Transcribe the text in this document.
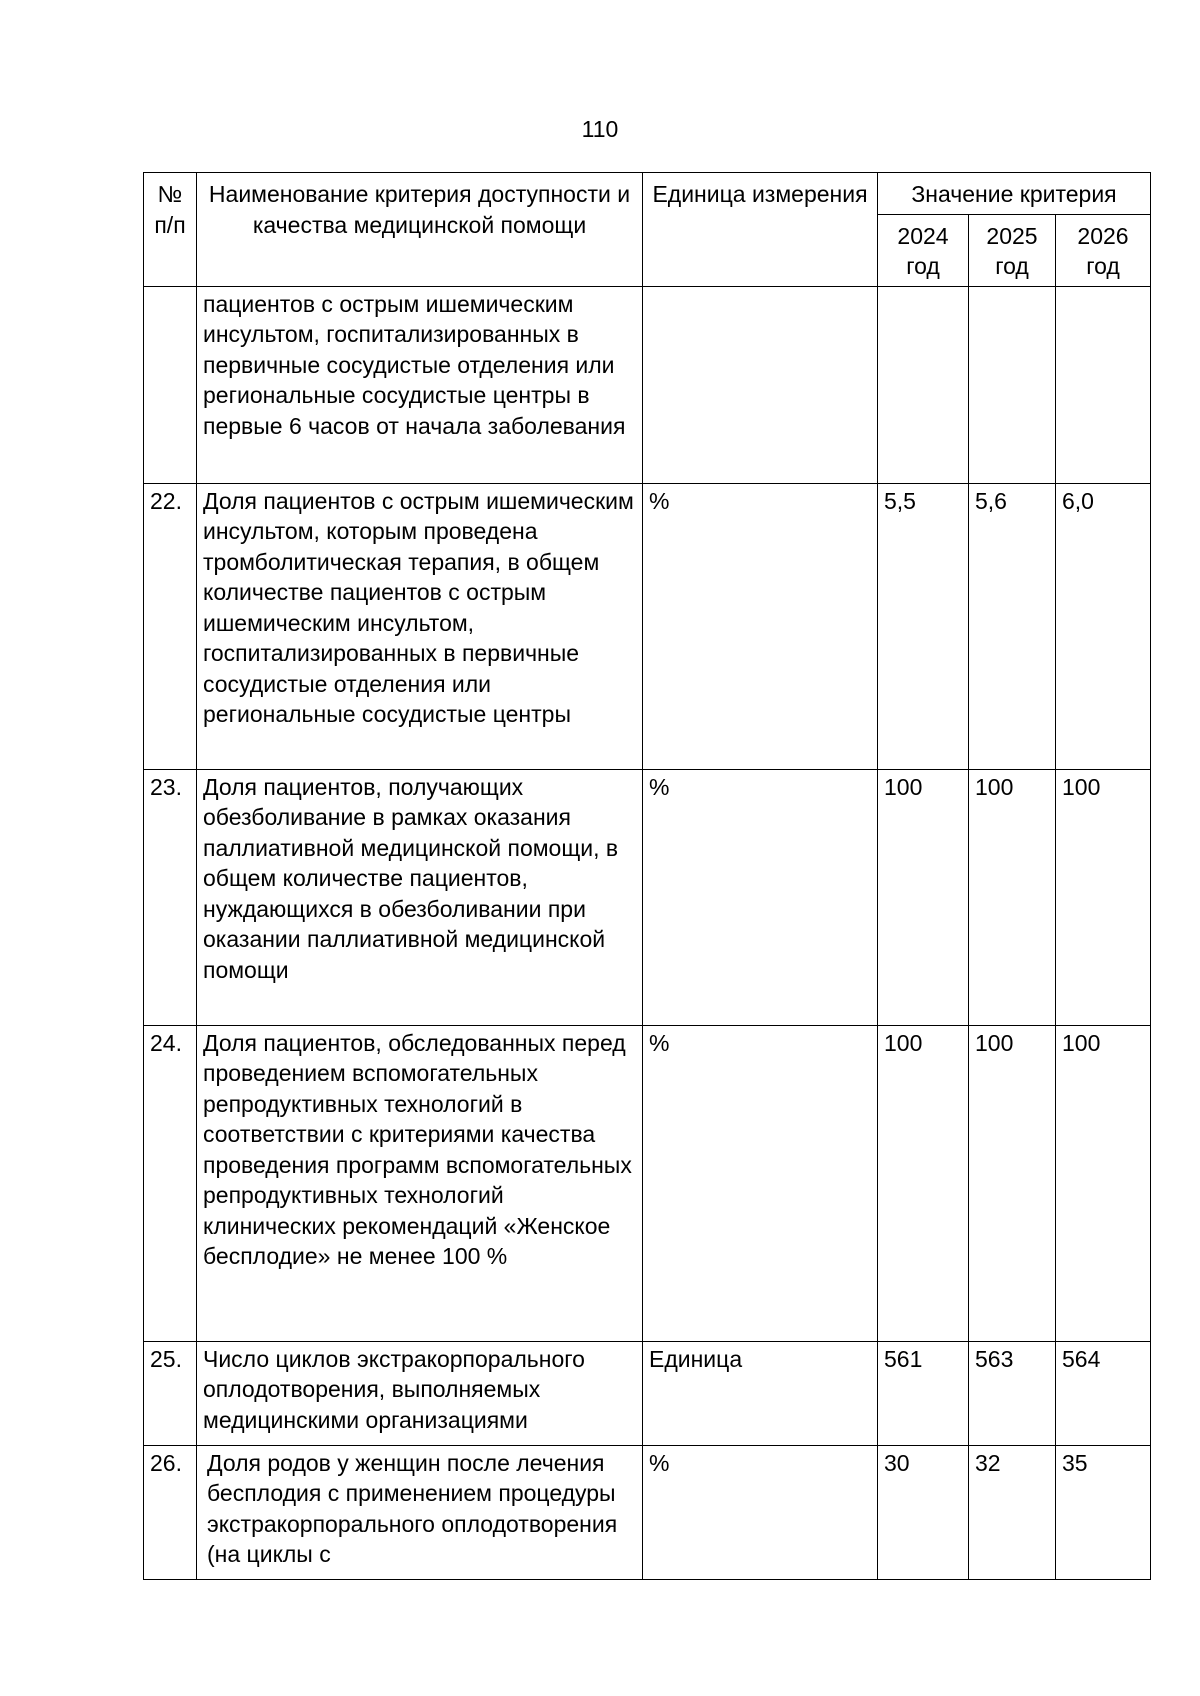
110
№ п/п	Наименование критерия доступности и качества медицинской помощи	Единица измерения	Значение критерия		
			2024 год	2025 год	2026 год
	пациентов с острым ишемическим инсультом, госпитализированных в первичные сосудистые отделения или региональные сосудистые центры в первые 6 часов от начала заболевания				
22.	Доля пациентов с острым ишемическим инсультом, которым проведена тромболитическая терапия, в общем количестве пациентов с острым ишемическим инсультом, госпитализированных в первичные сосудистые отделения или региональные сосудистые центры	%	5,5	5,6	6,0
23.	Доля пациентов, получающих обезболивание в рамках оказания паллиативной медицинской помощи, в общем количестве пациентов, нуждающихся в обезболивании при оказании паллиативной медицинской помощи	%	100	100	100
24.	Доля пациентов, обследованных перед проведением вспомогательных репродуктивных технологий в соответствии с критериями качества проведения программ вспомогательных репродуктивных технологий клинических рекомендаций «Женское бесплодие» не менее 100 %	%	100	100	100
25.	Число циклов экстракорпорального оплодотворения, выполняемых медицинскими организациями	Единица	561	563	564
26.	Доля родов у женщин после лечения бесплодия с применением процедуры экстракорпорального оплодотворения (на циклы с	%	30	32	35
